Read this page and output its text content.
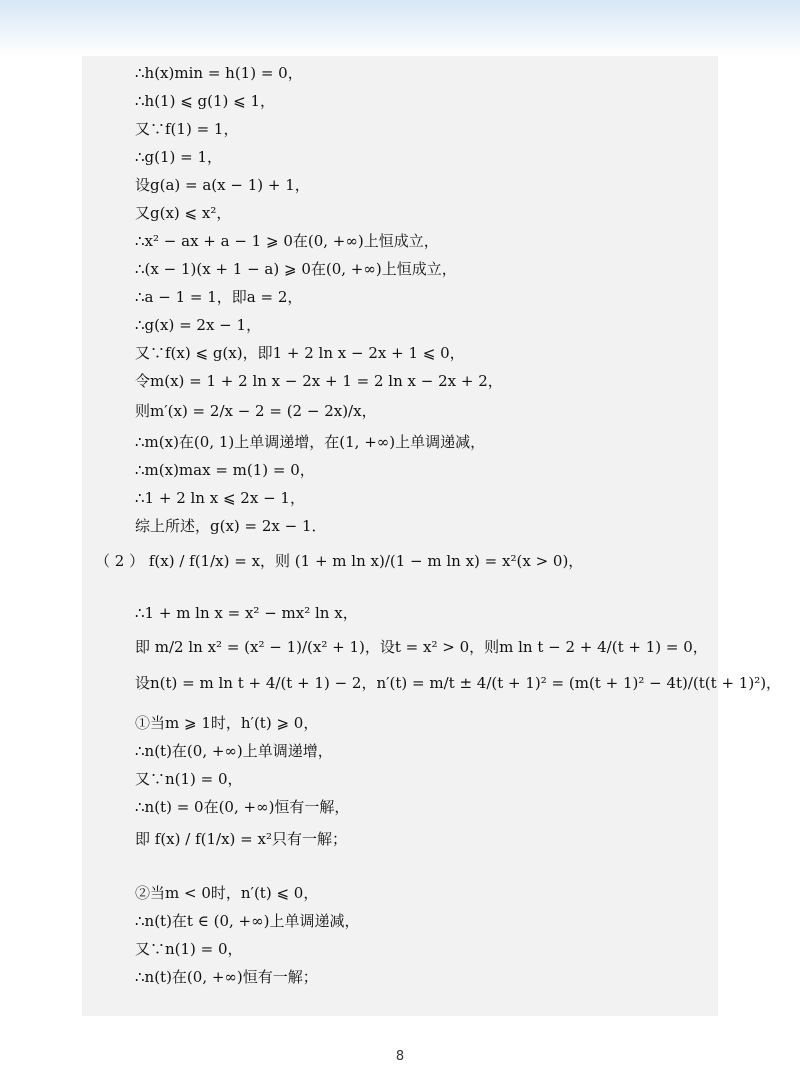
∴h(x)min = h(1) = 0，
∴h(1) ⩽ g(1) ⩽ 1，
又∵f(1) = 1，
∴g(1) = 1，
设g(a) = a(x − 1) + 1，
又g(x) ⩽ x²，
∴x² − ax + a − 1 ⩾ 0在(0, +∞)上恒成立，
∴(x − 1)(x + 1 − a) ⩾ 0在(0, +∞)上恒成立，
∴a − 1 = 1，即a = 2，
∴g(x) = 2x − 1，
又∵f(x) ⩽ g(x)，即1 + 2 ln x − 2x + 1 ⩽ 0，
令m(x) = 1 + 2 ln x − 2x + 1 = 2 ln x − 2x + 2，
则m′(x) = 2/x − 2 = (2 − 2x)/x，
∴m(x)在(0, 1)上单调递增，在(1, +∞)上单调递减，
∴m(x)max = m(1) = 0，
∴1 + 2 ln x ⩽ 2x − 1，
综上所述，g(x) = 2x − 1．
（ 2 ） f(x) / f(1/x) = x，则 (1 + m ln x)/(1 − m ln x) = x²(x > 0)，
∴1 + m ln x = x² − mx² ln x，
即 m/2 ln x² = (x² − 1)/(x² + 1)，设t = x² > 0，则m ln t − 2 + 4/(t + 1) = 0，
设n(t) = m ln t + 4/(t + 1) − 2，n′(t) = m/t ± 4/(t + 1)² = (m(t + 1)² − 4t)/(t(t + 1)²)，
①当m ⩾ 1时，h′(t) ⩾ 0，
∴n(t)在(0, +∞)上单调递增，
又∵n(1) = 0，
∴n(t) = 0在(0, +∞)恒有一解，
即 f(x) / f(1/x) = x²只有一解；
②当m < 0时，n′(t) ⩽ 0，
∴n(t)在t ∈ (0, +∞)上单调递减，
又∵n(1) = 0，
∴n(t)在(0, +∞)恒有一解；
8
